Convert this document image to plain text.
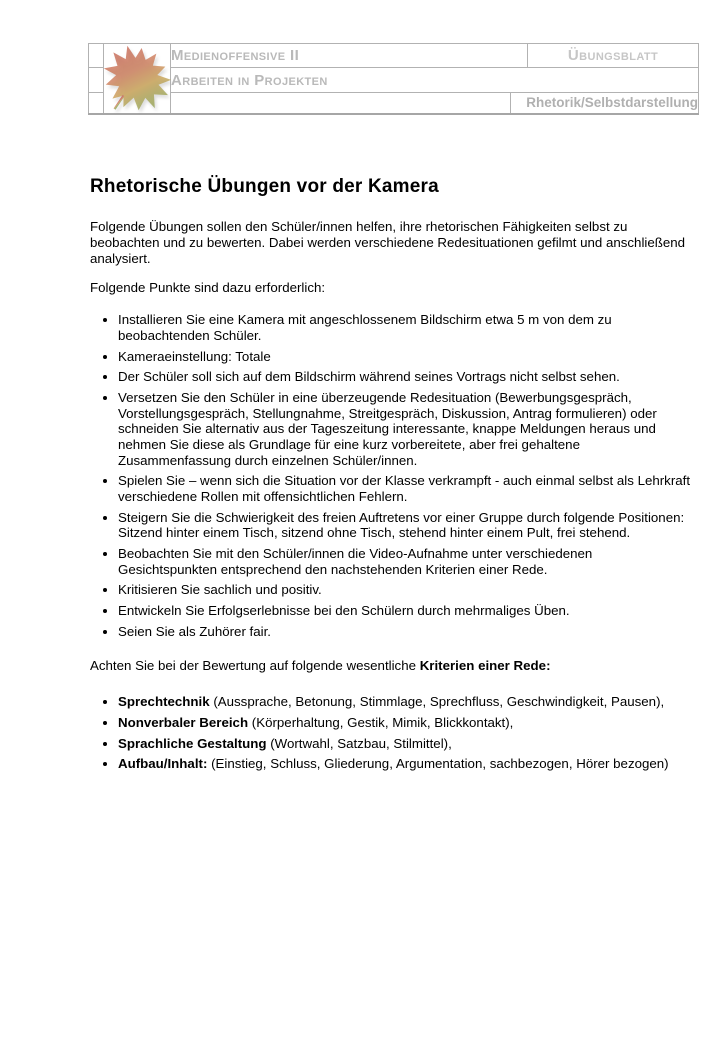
	Medienoffensive II		Übungsblatt
		Arbeiten in Projekten		
			Rhetorik/Selbstdarstellung	
Rhetorische Übungen vor der Kamera

Folgende Übungen sollen den Schüler/innen helfen, ihre rhetorischen Fähigkeiten selbst zu beobachten und zu bewerten. Dabei werden verschiedene Redesituationen gefilmt und anschließend analysiert.

Folgende Punkte sind dazu erforderlich:

• Installieren Sie eine Kamera mit angeschlossenem Bildschirm etwa 5 m von dem zu beobachtenden Schüler.
• Kameraeinstellung: Totale
• Der Schüler soll sich auf dem Bildschirm während seines Vortrags nicht selbst sehen.
• Versetzen Sie den Schüler in eine überzeugende Redesituation (Bewerbungsgespräch, Vorstellungsgespräch, Stellungnahme, Streitgespräch, Diskussion, Antrag formulieren) oder schneiden Sie alternativ aus der Tageszeitung interessante, knappe Meldungen heraus und nehmen Sie diese als Grundlage für eine kurz vorbereitete, aber frei gehaltene Zusammenfassung durch einzelnen Schüler/innen.
• Spielen Sie – wenn sich die Situation vor der Klasse verkrampft - auch einmal selbst als Lehrkraft verschiedene Rollen mit offensichtlichen Fehlern.
• Steigern Sie die Schwierigkeit des freien Auftretens vor einer Gruppe durch folgende Positionen: Sitzend hinter einem Tisch, sitzend ohne Tisch, stehend hinter einem Pult, frei stehend.
• Beobachten Sie mit den Schüler/innen die Video-Aufnahme unter verschiedenen Gesichtspunkten entsprechend den nachstehenden Kriterien einer Rede.
• Kritisieren Sie sachlich und positiv.
• Entwickeln Sie Erfolgserlebnisse bei den Schülern durch mehrmaliges Üben.
• Seien Sie als Zuhörer fair.

Achten Sie bei der Bewertung auf folgende wesentliche Kriterien einer Rede:

• Sprechtechnik (Aussprache, Betonung, Stimmlage, Sprechfluss, Geschwindigkeit, Pausen),
• Nonverbaler Bereich (Körperhaltung, Gestik, Mimik, Blickkontakt),
• Sprachliche Gestaltung (Wortwahl, Satzbau, Stilmittel),
• Aufbau/Inhalt: (Einstieg, Schluss, Gliederung, Argumentation, sachbezogen, Hörer bezogen)
